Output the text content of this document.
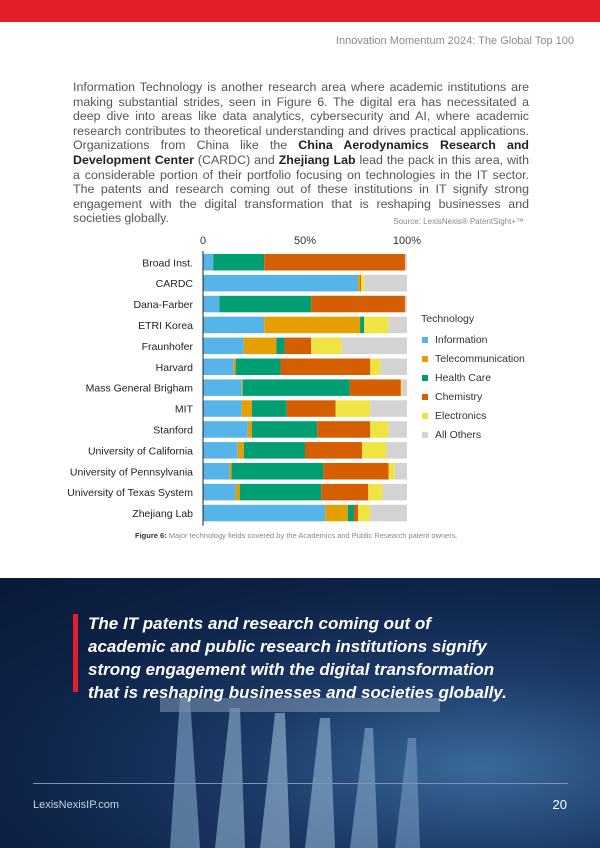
Innovation Momentum 2024: The Global Top 100
Information Technology is another research area where academic institutions are making substantial strides, seen in Figure 6. The digital era has necessitated a deep dive into areas like data analytics, cybersecurity and AI, where academic research contributes to theoretical understanding and drives practical applications. Organizations from China like the China Aerodynamics Research and Development Center (CARDC) and Zhejiang Lab lead the pack in this area, with a considerable portion of their portfolio focusing on technologies in the IT sector. The patents and research coming out of these institutions in IT signify strong engagement with the digital transformation that is reshaping businesses and societies globally.	Source: LexisNexis® PatentSight+™
0	50%	100%
Broad Inst.
CARDC
Dana-Farber
ETRI Korea
Fraunhofer
Harvard
Mass General Brigham
MIT
Stanford
University of California
University of Pennsylvania
University of Texas System
Zhejiang Lab
Technology
Information
Telecommunication
Health Care
Chemistry
Electronics
All Others
Figure 6: Major technology fields covered by the Academics and Public Research patent owners.
The IT patents and research coming out of academic and public research institutions signify strong engagement with the digital transformation that is reshaping businesses and societies globally.
LexisNexisIP.com	20
